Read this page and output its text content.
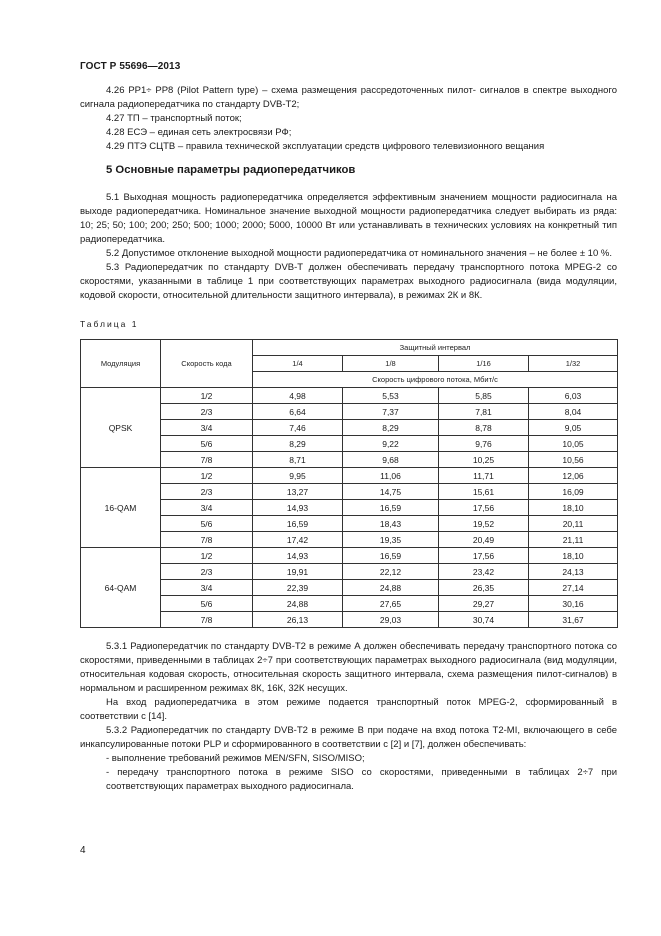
ГОСТ Р 55696—2013

4.26 PP1÷ PP8 (Pilot Pattern type) – схема размещения рассредоточенных пилот- сигналов в спектре выходного сигнала радиопередатчика по стандарту DVB-T2;

4.27 ТП – транспортный поток;

4.28 ЕСЭ – единая сеть электросвязи РФ;

4.29 ПТЭ СЦТВ – правила технической эксплуатации средств цифрового телевизионного вещания

5 Основные параметры радиопередатчиков

5.1 Выходная мощность радиопередатчика определяется эффективным значением мощности радиосигнала на выходе радиопередатчика. Номинальное значение выходной мощности радиопередатчика следует выбирать из ряда: 10; 25; 50; 100; 200; 250; 500; 1000; 2000; 5000, 10000 Вт или устанавливать в технических условиях на конкретный тип радиопередатчика.

5.2 Допустимое отклонение выходной мощности радиопередатчика от номинального значения – не более ± 10 %.

5.3 Радиопередатчик по стандарту DVB-T должен обеспечивать передачу транспортного потока MPEG-2 со скоростями, указанными в таблице 1 при соответствующих параметрах выходного радиосигнала (вида модуляции, кодовой скорости, относительной длительности защитного интервала), в режимах 2К и 8К.

Таблица 1
Модуляция	Скорость кода	Защитный интервал			
		1/4	1/8	1/16	1/32
		Скорость цифрового потока, Мбит/с			
QPSK	1/2	4,98	5,53	5,85	6,03
	2/3	6,64	7,37	7,81	8,04
	3/4	7,46	8,29	8,78	9,05
	5/6	8,29	9,22	9,76	10,05
	7/8	8,71	9,68	10,25	10,56
16-QAM	1/2	9,95	11,06	11,71	12,06
	2/3	13,27	14,75	15,61	16,09
	3/4	14,93	16,59	17,56	18,10
	5/6	16,59	18,43	19,52	20,11
	7/8	17,42	19,35	20,49	21,11
64-QAM	1/2	14,93	16,59	17,56	18,10
	2/3	19,91	22,12	23,42	24,13
	3/4	22,39	24,88	26,35	27,14
	5/6	24,88	27,65	29,27	30,16
	7/8	26,13	29,03	30,74	31,67

5.3.1 Радиопередатчик по стандарту DVB-T2 в режиме А должен обеспечивать передачу транспортного потока со скоростями, приведенными в таблицах 2÷7 при соответствующих параметрах выходного радиосигнала (вид модуляции, относительная кодовая скорость, относительная скорость защитного интервала, схема размещения пилот-сигналов) в нормальном и расширенном режимах 8К, 16К, 32К несущих.

На вход радиопередатчика в этом режиме подается транспортный поток MPEG-2, сформированный в соответствии с [14].

5.3.2 Радиопередатчик по стандарту DVB-T2 в режиме В при подаче на вход потока T2-MI, включающего в себе инкапсулированные потоки PLP и сформированного в соответствии с [2] и [7], должен обеспечивать:

- выполнение требований режимов MEN/SFN, SISO/MISO;

- передачу транспортного потока в режиме SISO со скоростями, приведенными в таблицах 2÷7 при соответствующих параметрах выходного радиосигнала.

4
